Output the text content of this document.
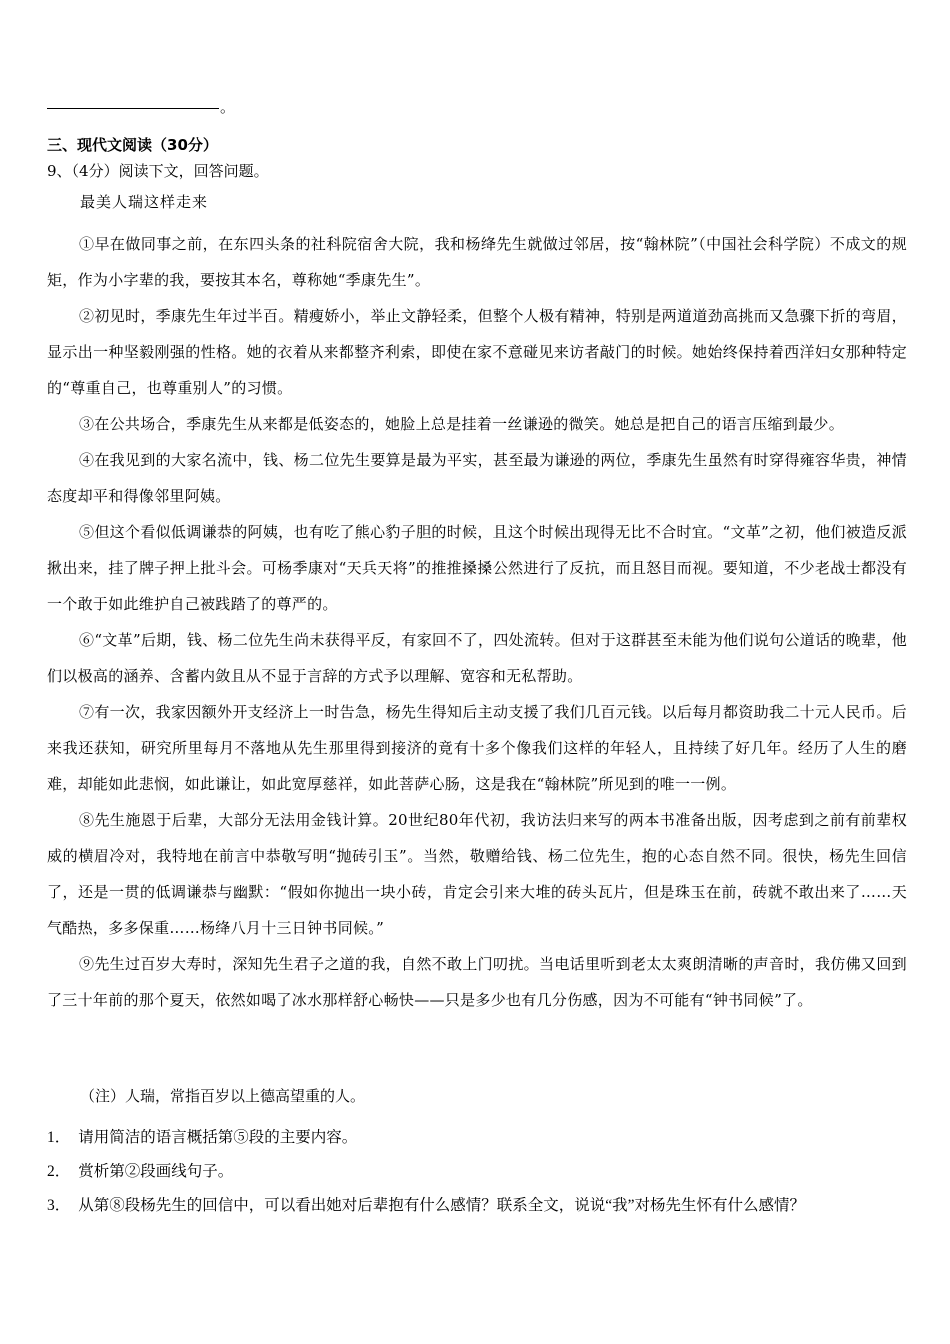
。
三、现代文阅读（30分）
9、（4分）阅读下文，回答问题。
最美人瑞这样走来

①早在做同事之前，在东四头条的社科院宿舍大院，我和杨绛先生就做过邻居，按“翰林院”（中国社会科学院）不成文的规矩，作为小字辈的我，要按其本名，尊称她“季康先生”。

②初见时，季康先生年过半百。精瘦娇小，举止文静轻柔，但整个人极有精神，特别是两道道劲高挑而又急骤下折的弯眉，显示出一种坚毅刚强的性格。她的衣着从来都整齐利索，即使在家不意碰见来访者敲门的时候。她始终保持着西洋妇女那种特定的“尊重自己，也尊重别人”的习惯。

③在公共场合，季康先生从来都是低姿态的，她脸上总是挂着一丝谦逊的微笑。她总是把自己的语言压缩到最少。

④在我见到的大家名流中，钱、杨二位先生要算是最为平实，甚至最为谦逊的两位，季康先生虽然有时穿得雍容华贵，神情态度却平和得像邻里阿姨。

⑤但这个看似低调谦恭的阿姨，也有吃了熊心豹子胆的时候，且这个时候出现得无比不合时宜。“文革”之初，他们被造反派揪出来，挂了牌子押上批斗会。可杨季康对“天兵天将”的推推搡搡公然进行了反抗，而且怒目而视。要知道，不少老战士都没有一个敢于如此维护自己被践踏了的尊严的。

⑥“文革”后期，钱、杨二位先生尚未获得平反，有家回不了，四处流转。但对于这群甚至未能为他们说句公道话的晚辈，他们以极高的涵养、含蓄内敛且从不显于言辞的方式予以理解、宽容和无私帮助。

⑦有一次，我家因额外开支经济上一时告急，杨先生得知后主动支援了我们几百元钱。以后每月都资助我二十元人民币。后来我还获知，研究所里每月不落地从先生那里得到接济的竟有十多个像我们这样的年轻人，且持续了好几年。经历了人生的磨难，却能如此悲悯，如此谦让，如此宽厚慈祥，如此菩萨心肠，这是我在“翰林院”所见到的唯一一例。

⑧先生施恩于后辈，大部分无法用金钱计算。20世纪80年代初，我访法归来写的两本书准备出版，因考虑到之前有前辈权威的横眉冷对，我特地在前言中恭敬写明“抛砖引玉”。当然，敬赠给钱、杨二位先生，抱的心态自然不同。很快，杨先生回信了，还是一贯的低调谦恭与幽默：“假如你抛出一块小砖，肯定会引来大堆的砖头瓦片，但是珠玉在前，砖就不敢出来了……天气酷热，多多保重……杨绛八月十三日钟书同候。”

⑨先生过百岁大寿时，深知先生君子之道的我，自然不敢上门叨扰。当电话里听到老太太爽朗清晰的声音时，我仿佛又回到了三十年前的那个夏天，依然如喝了冰水那样舒心畅快——只是多少也有几分伤感，因为不可能有“钟书同候”了。

（注）人瑞，常指百岁以上德高望重的人。
1． 请用简洁的语言概括第⑤段的主要内容。
2． 赏析第②段画线句子。
3． 从第⑧段杨先生的回信中，可以看出她对后辈抱有什么感情？联系全文，说说“我”对杨先生怀有什么感情？
